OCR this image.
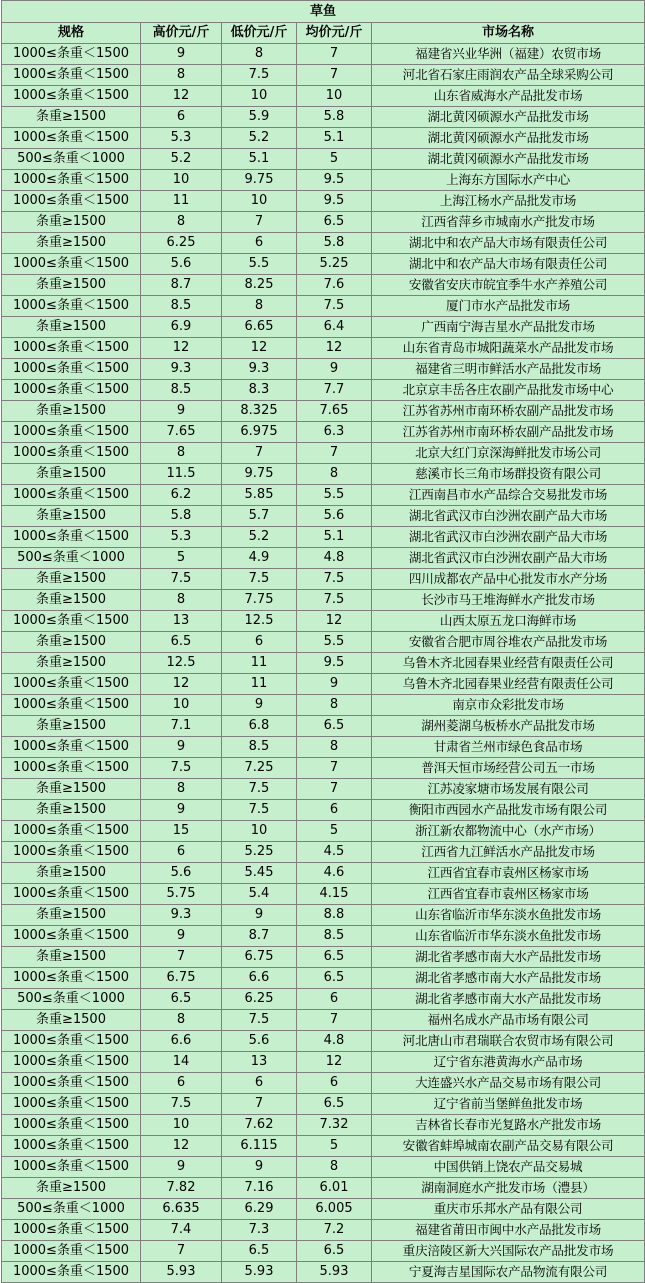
草鱼				
规格	高价元/斤	低价元/斤	均价元/斤	市场名称
1000≤条重＜1500	9	8	7	福建省兴业华洲（福建）农贸市场
1000≤条重＜1500	8	7.5	7	河北省石家庄雨润农产品全球采购公司
1000≤条重＜1500	12	10	10	山东省威海水产品批发市场
条重≥1500	6	5.9	5.8	湖北黄冈硕源水产品批发市场
1000≤条重＜1500	5.3	5.2	5.1	湖北黄冈硕源水产品批发市场
500≤条重＜1000	5.2	5.1	5	湖北黄冈硕源水产品批发市场
1000≤条重＜1500	10	9.75	9.5	上海东方国际水产中心
1000≤条重＜1500	11	10	9.5	上海江杨水产品批发市场
条重≥1500	8	7	6.5	江西省萍乡市城南水产批发市场
条重≥1500	6.25	6	5.8	湖北中和农产品大市场有限责任公司
1000≤条重＜1500	5.6	5.5	5.25	湖北中和农产品大市场有限责任公司
条重≥1500	8.7	8.25	7.6	安徽省安庆市皖宜季牛水产养殖公司
1000≤条重＜1500	8.5	8	7.5	厦门市水产品批发市场
条重≥1500	6.9	6.65	6.4	广西南宁海吉星水产品批发市场
1000≤条重＜1500	12	12	12	山东省青岛市城阳蔬菜水产品批发市场
1000≤条重＜1500	9.3	9.3	9	福建省三明市鲜活水产品批发市场
1000≤条重＜1500	8.5	8.3	7.7	北京京丰岳各庄农副产品批发市场中心
条重≥1500	9	8.325	7.65	江苏省苏州市南环桥农副产品批发市场
1000≤条重＜1500	7.65	6.975	6.3	江苏省苏州市南环桥农副产品批发市场
1000≤条重＜1500	8	7	7	北京大红门京深海鲜批发市场公司
条重≥1500	11.5	9.75	8	慈溪市长三角市场群投资有限公司
1000≤条重＜1500	6.2	5.85	5.5	江西南昌市水产品综合交易批发市场
条重≥1500	5.8	5.7	5.6	湖北省武汉市白沙洲农副产品大市场
1000≤条重＜1500	5.3	5.2	5.1	湖北省武汉市白沙洲农副产品大市场
500≤条重＜1000	5	4.9	4.8	湖北省武汉市白沙洲农副产品大市场
条重≥1500	7.5	7.5	7.5	四川成都农产品中心批发市水产分场
条重≥1500	8	7.75	7.5	长沙市马王堆海鲜水产批发市场
1000≤条重＜1500	13	12.5	12	山西太原五龙口海鲜市场
条重≥1500	6.5	6	5.5	安徽省合肥市周谷堆农产品批发市场
条重≥1500	12.5	11	9.5	乌鲁木齐北园春果业经营有限责任公司
1000≤条重＜1500	12	11	9	乌鲁木齐北园春果业经营有限责任公司
1000≤条重＜1500	10	9	8	南京市众彩批发市场
条重≥1500	7.1	6.8	6.5	湖州菱湖乌板桥水产品批发市场
1000≤条重＜1500	9	8.5	8	甘肃省兰州市绿色食品市场
1000≤条重＜1500	7.5	7.25	7	普洱天恒市场经营公司五一市场
条重≥1500	8	7.5	7	江苏凌家塘市场发展有限公司
条重≥1500	9	7.5	6	衡阳市西园水产品批发市场有限公司
1000≤条重＜1500	15	10	5	浙江新农都物流中心（水产市场）
1000≤条重＜1500	6	5.25	4.5	江西省九江鲜活水产品批发市场
条重≥1500	5.6	5.45	4.6	江西省宜春市袁州区杨家市场
1000≤条重＜1500	5.75	5.4	4.15	江西省宜春市袁州区杨家市场
条重≥1500	9.3	9	8.8	山东省临沂市华东淡水鱼批发市场
1000≤条重＜1500	9	8.7	8.5	山东省临沂市华东淡水鱼批发市场
条重≥1500	7	6.75	6.5	湖北省孝感市南大水产品批发市场
1000≤条重＜1500	6.75	6.6	6.5	湖北省孝感市南大水产品批发市场
500≤条重＜1000	6.5	6.25	6	湖北省孝感市南大水产品批发市场
条重≥1500	8	7.5	7	福州名成水产品市场有限公司
1000≤条重＜1500	6.6	5.6	4.8	河北唐山市君瑞联合农贸市场有限公司
1000≤条重＜1500	14	13	12	辽宁省东港黄海水产品市场
1000≤条重＜1500	6	6	6	大连盛兴水产品交易市场有限公司
1000≤条重＜1500	7.5	7	6.5	辽宁省前当堡鲜鱼批发市场
1000≤条重＜1500	10	7.62	7.32	吉林省长春市光复路水产批发市场
1000≤条重＜1500	12	6.115	5	安徽省蚌埠城南农副产品交易有限公司
1000≤条重＜1500	9	9	8	中国供销上饶农产品交易城
条重≥1500	7.82	7.16	6.01	湖南洞庭水产批发市场（澧县）
500≤条重＜1000	6.635	6.29	6.005	重庆市乐邦水产品有限公司
1000≤条重＜1500	7.4	7.3	7.2	福建省莆田市闽中水产品批发市场
1000≤条重＜1500	7	6.5	6.5	重庆涪陵区新大兴国际农产品批发市场
1000≤条重＜1500	5.93	5.93	5.93	宁夏海吉星国际农产品物流有限公司
